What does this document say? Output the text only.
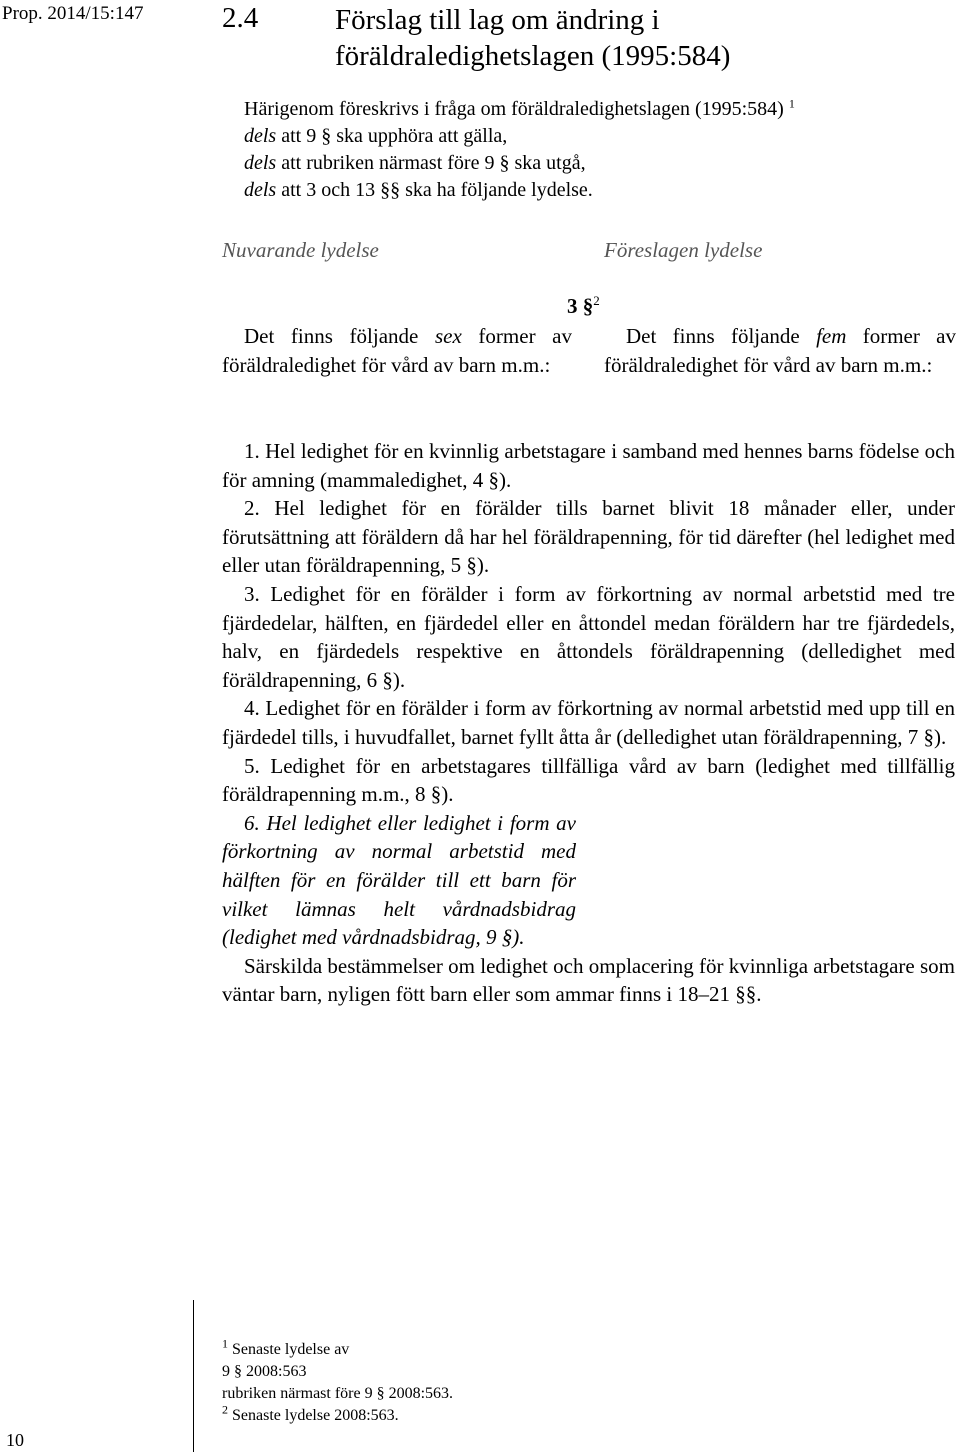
Prop. 2014/15:147	2.4	Förslag till lag om ändring i
föräldraledighetslagen (1995:584)
Härigenom föreskrivs i fråga om föräldraledighetslagen (1995:584) $^1$
dels att 9 § ska upphöra att gälla,
dels att rubriken närmast före 9 § ska utgå,
dels att 3 och 13 §§ ska ha följande lydelse.
Nuvarande lydelse	Föreslagen lydelse
3 §$^2$
Det finns följande sex former av föräldraledighet för vård av barn m.m.:
Det finns följande fem former av föräldraledighet för vård av barn m.m.:

1. Hel ledighet för en kvinnlig arbetstagare i samband med hennes barns födelse och för amning (mammaledighet, 4 §).

2. Hel ledighet för en förälder tills barnet blivit 18 månader eller, under förutsättning att föräldern då har hel föräldrapenning, för tid därefter (hel ledighet med eller utan föräldrapenning, 5 §).

3. Ledighet för en förälder i form av förkortning av normal arbetstid med tre fjärdedelar, hälften, en fjärdedel eller en åttondel medan föräldern har tre fjärdedels, halv, en fjärdedels respektive en åttondels föräldrapenning (delledighet med föräldrapenning, 6 §).

4. Ledighet för en förälder i form av förkortning av normal arbetstid med upp till en fjärdedel tills, i huvudfallet, barnet fyllt åtta år (delledighet utan föräldrapenning, 7 §).

5. Ledighet för en arbetstagares tillfälliga vård av barn (ledighet med tillfällig föräldrapenning m.m., 8 §).

6. Hel ledighet eller ledighet i form av förkortning av normal arbetstid med hälften för en förälder till ett barn för vilket lämnas helt vårdnadsbidrag (ledighet med vårdnadsbidrag, 9 §).

Särskilda bestämmelser om ledighet och omplacering för kvinnliga arbetstagare som väntar barn, nyligen fött barn eller som ammar finns i 18–21 §§.

$^1$ Senaste lydelse av
9 § 2008:563
rubriken närmast före 9 § 2008:563.
$^2$ Senaste lydelse 2008:563.
10
